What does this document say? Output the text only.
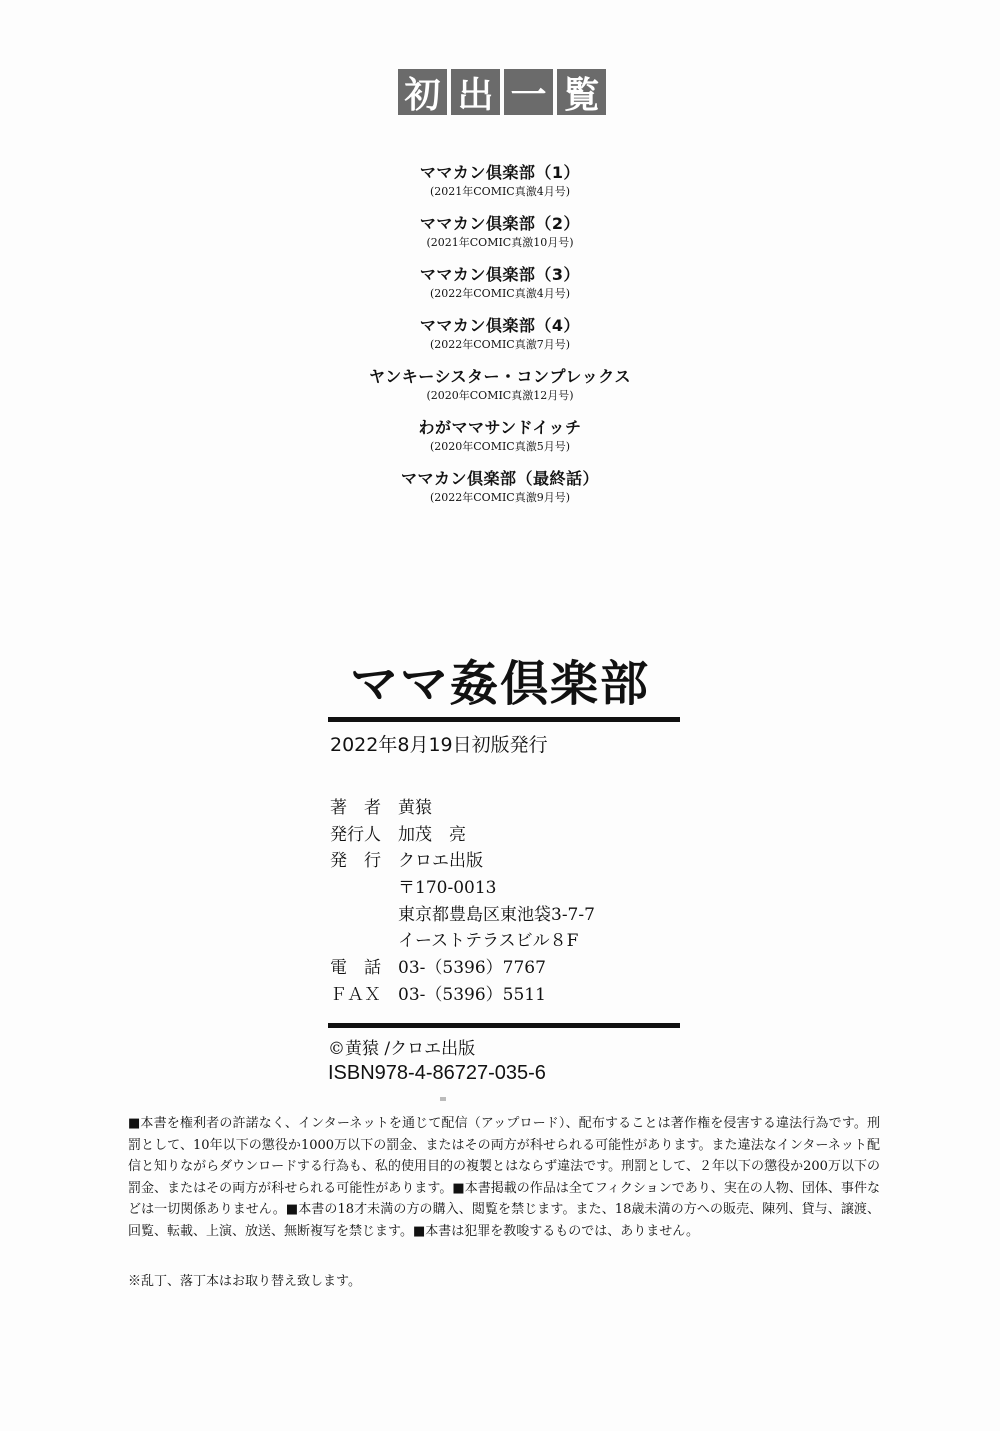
初 出 一 覧
ママカン倶楽部（1）
(2021年COMIC真激4月号)
ママカン倶楽部（2）
(2021年COMIC真激10月号)
ママカン倶楽部（3）
(2022年COMIC真激4月号)
ママカン倶楽部（4）
(2022年COMIC真激7月号)
ヤンキーシスター・コンプレックス
(2020年COMIC真激12月号)
わがママサンドイッチ
(2020年COMIC真激5月号)
ママカン倶楽部（最終話）
(2022年COMIC真激9月号)
ママ姦倶楽部
2022年8月19日初版発行
著　者	黄猿
発行人	加茂　亮
発　行	クロエ出版
〒170-0013
東京都豊島区東池袋3-7-7
イーストテラスビル８F
電　話	03-（5396）7767
ＦＡＸ	03-（5396）5511
©黄猿 /クロエ出版
ISBN978-4-86727-035-6
■本書を権利者の許諾なく、インターネットを通じて配信（アップロード）、配布することは著作権を侵害する違法行為です。刑罰として、10年以下の懲役か1000万以下の罰金、またはその両方が科せられる可能性があります。また違法なインターネット配信と知りながらダウンロードする行為も、私的使用目的の複製とはならず違法です。刑罰として、２年以下の懲役か200万以下の罰金、またはその両方が科せられる可能性があります。■本書掲載の作品は全てフィクションであり、実在の人物、団体、事件などは一切関係ありません。■本書の18才未満の方の購入、閲覧を禁じます。また、18歳未満の方への販売、陳列、貸与、譲渡、回覧、転載、上演、放送、無断複写を禁じます。■本書は犯罪を教唆するものでは、ありません。
※乱丁、落丁本はお取り替え致します。
